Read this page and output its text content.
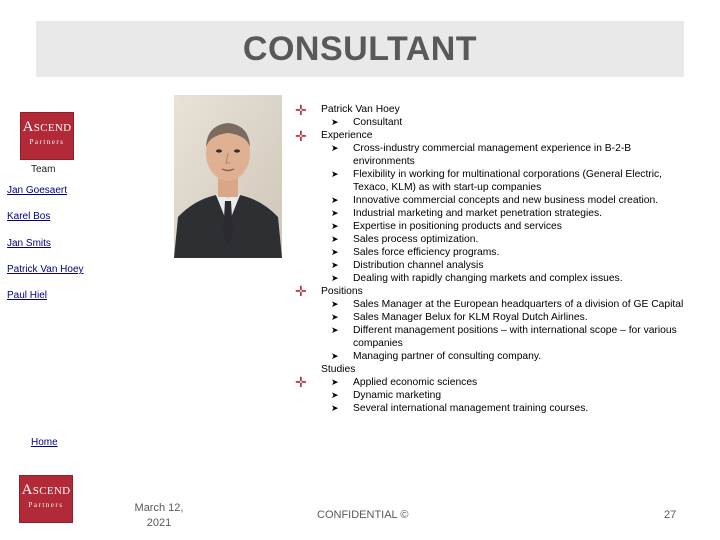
CONSULTANT
ASCEND
Partners
Team
Jan Goesaert
Karel Bos
Jan Smits
Patrick Van Hoey
Paul Hiel
✛
✛
✛
✛

Patrick Van Hoey

➤ Consultant

Experience

➤ Cross-industry commercial management experience in B-2-B environments

➤ Flexibility in working for multinational corporations (General Electric, Texaco, KLM) as with start-up companies

➤ Innovative commercial concepts and new business model creation.

➤ Industrial marketing and market penetration strategies.

➤ Expertise in positioning products and services

➤ Sales process optimization.

➤ Sales force efficiency programs.

➤ Distribution channel analysis

➤ Dealing with rapidly changing markets and complex issues.

Positions

➤ Sales Manager at the European headquarters of a division of GE Capital

➤ Sales Manager Belux for KLM Royal Dutch Airlines.

➤ Different management positions – with international scope – for various companies

➤ Managing partner of consulting company.

Studies

➤ Applied economic sciences

➤ Dynamic marketing

➤ Several international management training courses.

Home
ASCEND
Partners	March 12,
2021
CONFIDENTIAL ©	27
